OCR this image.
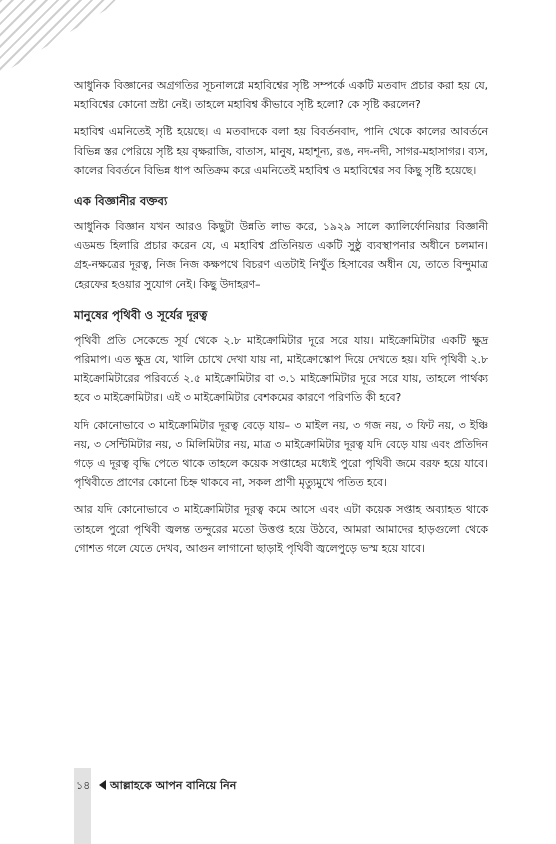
আধুনিক বিজ্ঞানের অগ্রগতির সূচনালগ্নে মহাবিশ্বের সৃষ্টি সম্পর্কে একটি মতবাদ প্রচার করা হয় যে, মহাবিশ্বের কোনো স্রষ্টা নেই। তাহলে মহাবিশ্ব কীভাবে সৃষ্টি হলো? কে সৃষ্টি করলেন?

মহাবিশ্ব এমনিতেই সৃষ্টি হয়েছে। এ মতবাদকে বলা হয় বিবর্তনবাদ, পানি থেকে কালের আবর্তনে বিভিন্ন স্তর পেরিয়ে সৃষ্টি হয় বৃক্ষরাজি, বাতাস, মানুষ, মহাশূন্য, রঙ, নদ-নদী, সাগর-মহাসাগর। ব্যস, কালের বিবর্তনে বিভিন্ন ধাপ অতিক্রম করে এমনিতেই মহাবিশ্ব ও মহাবিশ্বের সব কিছু সৃষ্টি হয়েছে।

এক বিজ্ঞানীর বক্তব্য

আধুনিক বিজ্ঞান যখন আরও কিছুটা উন্নতি লাভ করে, ১৯২৯ সালে ক্যালির্ফোনিয়ার বিজ্ঞানী এডমন্ড হিলারি প্রচার করেন যে, এ মহাবিশ্ব প্রতিনিয়ত একটি সুষ্ঠু ব্যবস্থাপনার অধীনে চলমান। গ্রহ-নক্ষত্রের দূরত্ব, নিজ নিজ কক্ষপথে বিচরণ এতটাই নিখুঁত হিসাবের অধীন যে, তাতে বিন্দুমাত্র হেরফের হওয়ার সুযোগ নেই। কিছু উদাহরণ–

মানুষের পৃথিবী ও সূর্যের দূরত্ব

পৃথিবী প্রতি সেকেন্ডে সূর্য থেকে ২.৮ মাইক্রোমিটার দূরে সরে যায়। মাইক্রোমিটার একটি ক্ষুদ্র পরিমাপ। এত ক্ষুদ্র যে, খালি চোখে দেখা যায় না, মাইক্রোস্কোপ দিয়ে দেখতে হয়। যদি পৃথিবী ২.৮ মাইক্রোমিটারের পরিবর্তে ২.৫ মাইক্রোমিটার বা ৩.১ মাইক্রোমিটার দূরে সরে যায়, তাহলে পার্থক্য হবে ৩ মাইক্রোমিটার। এই ৩ মাইক্রোমিটার বেশকমের কারণে পরিণতি কী হবে?

যদি কোনোভাবে ৩ মাইক্রোমিটার দূরত্ব বেড়ে যায়– ৩ মাইল নয়, ৩ গজ নয়, ৩ ফিট নয়, ৩ ইঞ্চি নয়, ৩ সেন্টিমিটার নয়, ৩ মিলিমিটার নয়, মাত্র ৩ মাইক্রোমিটার দূরত্ব যদি বেড়ে যায় এবং প্রতিদিন গড়ে এ দূরত্ব বৃদ্ধি পেতে থাকে তাহলে কয়েক সপ্তাহের মধ্যেই পুরো পৃথিবী জমে বরফ হয়ে যাবে। পৃথিবীতে প্রাণের কোনো চিহ্ন থাকবে না, সকল প্রাণী মৃত্যুমুখে পতিত হবে।

আর যদি কোনোভাবে ৩ মাইক্রোমিটার দূরত্ব কমে আসে এবং এটা কয়েক সপ্তাহ অব্যাহত থাকে তাহলে পুরো পৃথিবী জ্বলন্ত তন্দুরের মতো উত্তপ্ত হয়ে উঠবে, আমরা আমাদের হাড়গুলো থেকে গোশত গলে যেতে দেখব, আগুন লাগানো ছাড়াই পৃথিবী জ্বলেপুড়ে ভস্ম হয়ে যাবে।

১৪ আল্লাহকে আপন বানিয়ে নিন
